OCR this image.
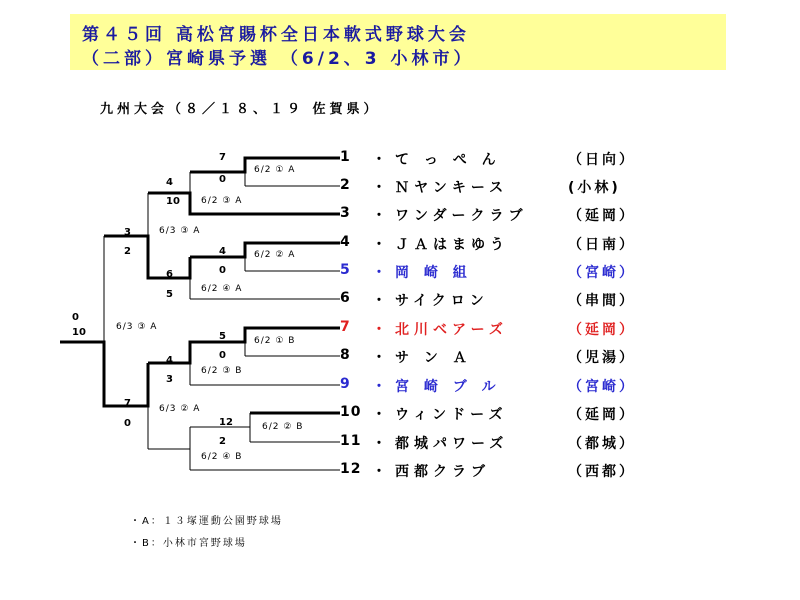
第４５回 高松宮賜杯全日本軟式野球大会
（二部）宮崎県予選 （6/2、3 小林市）
九州大会（８／１８、１９ 佐賀県）
1 ・ て っ ぺ ん	（日向）
2 ・ Ｎヤンキース	(小林)
3 ・ ワンダークラブ	（延岡）
4 ・ ＪＡはまゆう	（日南）
5 ・ 岡 崎 組	（宮崎）
6 ・ サイクロン	（串間）
7 ・ 北川ベアーズ	（延岡）
8 ・ サ ン Ａ	（児湯）
9 ・ 宮 崎 ブ ル	（宮崎）
10 ・ ウィンドーズ	（延岡）
11 ・ 都城パワーズ	（都城）
12 ・ 西都クラブ	（西都）
7
0
6/2 ① A
4
10 6/2 ③ A
4
0
6/2 ② A
6
5	6/2 ④ A
3
2
6/3 ③ A
0
10	6/3 ③ A
5
0
6/2 ① B
4
3
6/2 ③ B
7
0
6/3 ② A
12
2
6/2 ② B
6/2 ④ B
・A：１３塚運動公園野球場
・B：小林市宮野球場
